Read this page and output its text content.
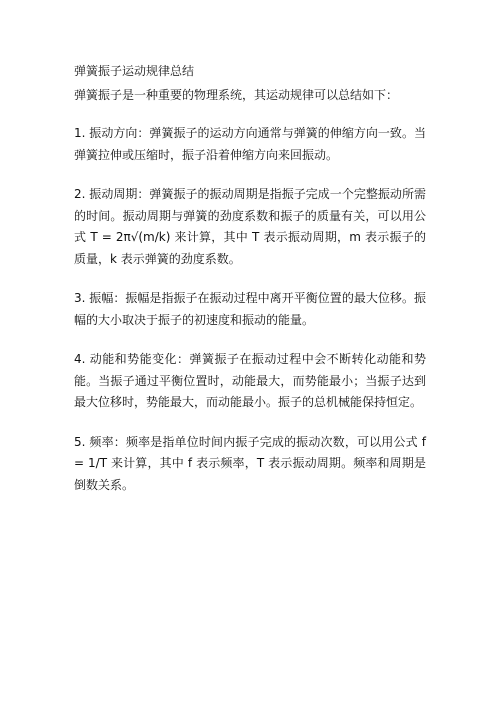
弹簧振子运动规律总结
弹簧振子是一种重要的物理系统，其运动规律可以总结如下：
1. 振动方向：弹簧振子的运动方向通常与弹簧的伸缩方向一致。当弹簧拉伸或压缩时，振子沿着伸缩方向来回振动。
2. 振动周期：弹簧振子的振动周期是指振子完成一个完整振动所需的时间。振动周期与弹簧的劲度系数和振子的质量有关，可以用公式 T = 2π√(m/k) 来计算，其中 T 表示振动周期，m 表示振子的质量，k 表示弹簧的劲度系数。
3. 振幅：振幅是指振子在振动过程中离开平衡位置的最大位移。振幅的大小取决于振子的初速度和振动的能量。
4. 动能和势能变化：弹簧振子在振动过程中会不断转化动能和势能。当振子通过平衡位置时，动能最大，而势能最小；当振子达到最大位移时，势能最大，而动能最小。振子的总机械能保持恒定。
5. 频率：频率是指单位时间内振子完成的振动次数，可以用公式 f = 1/T 来计算，其中 f 表示频率，T 表示振动周期。频率和周期是倒数关系。
